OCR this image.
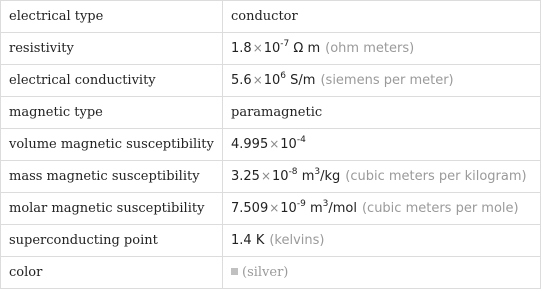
electrical type	conductor
resistivity	$1.8\times 10^{-7}$ Ω m (ohm meters)
electrical conductivity	$5.6\times 10^6$ S/m (siemens per meter)
magnetic type	paramagnetic
volume magnetic susceptibility	$4.995\times 10^{-4}$
mass magnetic susceptibility	$3.25\times 10^{-8}$ $m^3/kg$ (cubic meters per kilogram)
molar magnetic susceptibility	$7.509\times 10^{-9}$ $m^3$/mol (cubic meters per mole)
superconducting point	1.4 K (kelvins)
color	(silver)
